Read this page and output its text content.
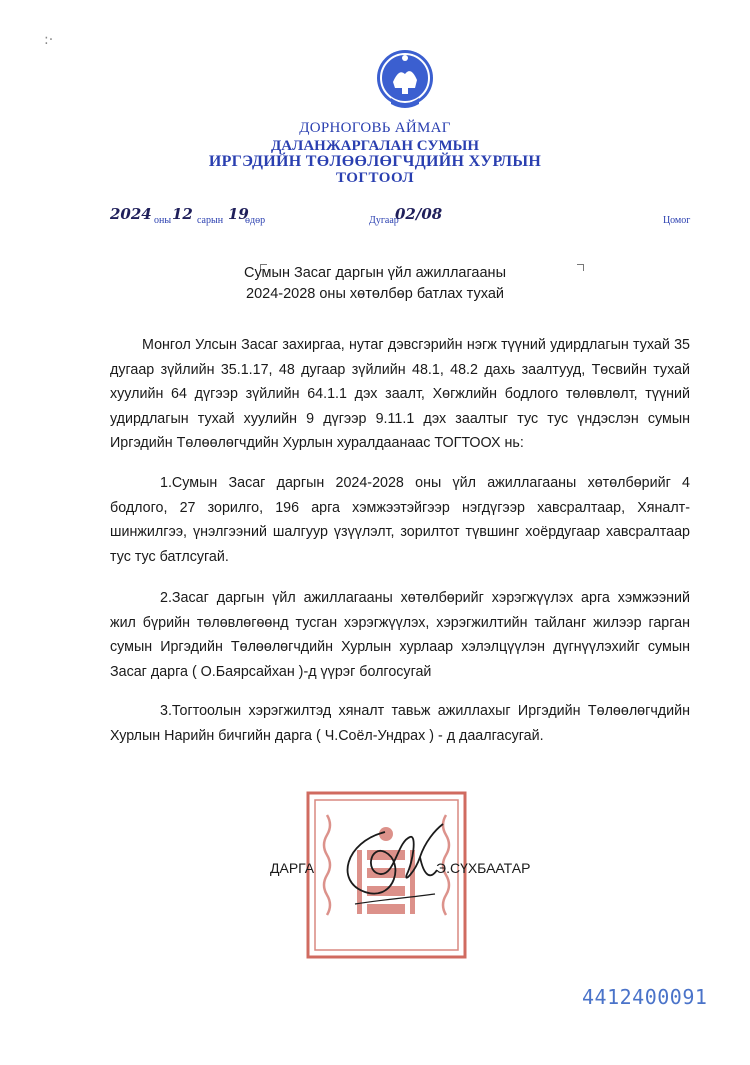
:·
ДОРНОГОВЬ АЙМАГ
ДАЛАНЖАРГАЛАН СУМЫН
ИРГЭДИЙН ТӨЛӨӨЛӨГЧДИЙН ХУРЛЫН
ТОГТООЛ
2024 оны 12 сарын 19
өдөр	Дугаар
02/08	Цомог
Сумын Засаг даргын үйл ажиллагааны
2024-2028 оны хөтөлбөр батлах тухай
Монгол Улсын Засаг захиргаа, нутаг дэвсгэрийн нэгж түүний удирдлагын тухай 35 дугаар зүйлийн 35.1.17, 48 дугаар зүйлийн 48.1, 48.2 дахь заалтууд, Төсвийн тухай хуулийн 64 дүгээр зүйлийн 64.1.1 дэх заалт, Хөгжлийн бодлого төлөвлөлт, түүний удирдлагын тухай хуулийн 9 дүгээр 9.11.1 дэх заалтыг тус тус үндэслэн сумын Иргэдийн Төлөөлөгчдийн Хурлын хуралдаанаас ТОГТООХ нь:
1.Сумын Засаг даргын 2024-2028 оны үйл ажиллагааны хөтөлбөрийг 4 бодлого, 27 зорилго, 196 арга хэмжээтэйгээр нэгдүгээр хавсралтаар, Хяналт-шинжилгээ, үнэлгээний шалгуур үзүүлэлт, зорилтот түвшинг хоёрдугаар хавсралтаар тус тус батлсугай.
2.Засаг даргын үйл ажиллагааны хөтөлбөрийг хэрэгжүүлэх арга хэмжээний жил бүрийн төлөвлөгөөнд тусган хэрэгжүүлэх, хэрэгжилтийн тайланг жилээр гарган сумын Иргэдийн Төлөөлөгчдийн Хурлын хурлаар хэлэлцүүлэн дүгнүүлэхийг сумын Засаг дарга ( О.Баярсайхан )-д үүрэг болгосугай
3.Тогтоолын хэрэгжилтэд хяналт тавьж ажиллахыг Иргэдийн Төлөөлөгчдийн Хурлын Нарийн бичгийн дарга ( Ч.Соёл-Ундрах ) - д даалгасугай.
ДАРГА	Э.СҮХБААТАР
4412400091
